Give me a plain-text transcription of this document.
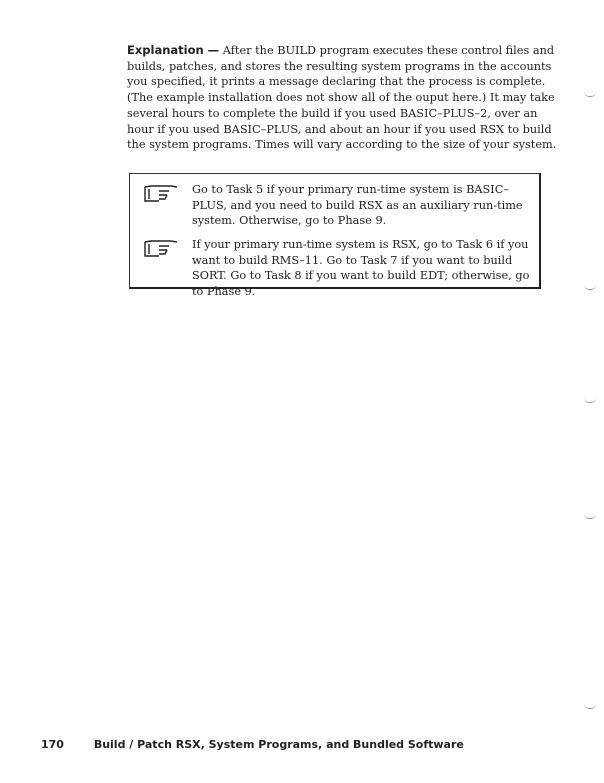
Explanation — After the BUILD program executes these control files and builds, patches, and stores the resulting system programs in the accounts you specified, it prints a message declaring that the process is complete. (The example installation does not show all of the ouput here.) It may take several hours to complete the build if you used BASIC–PLUS–2, over an hour if you used BASIC–PLUS, and about an hour if you used RSX to build the system programs. Times will vary according to the size of your system.

Go to Task 5 if your primary run-time system is BASIC–PLUS, and you need to build RSX as an auxiliary run-time system. Otherwise, go to Phase 9.
If your primary run-time system is RSX, go to Task 6 if you want to build RMS–11. Go to Task 7 if you want to build SORT. Go to Task 8 if you want to build EDT; otherwise, go to Phase 9.
170	Build / Patch RSX, System Programs, and Bundled Software
